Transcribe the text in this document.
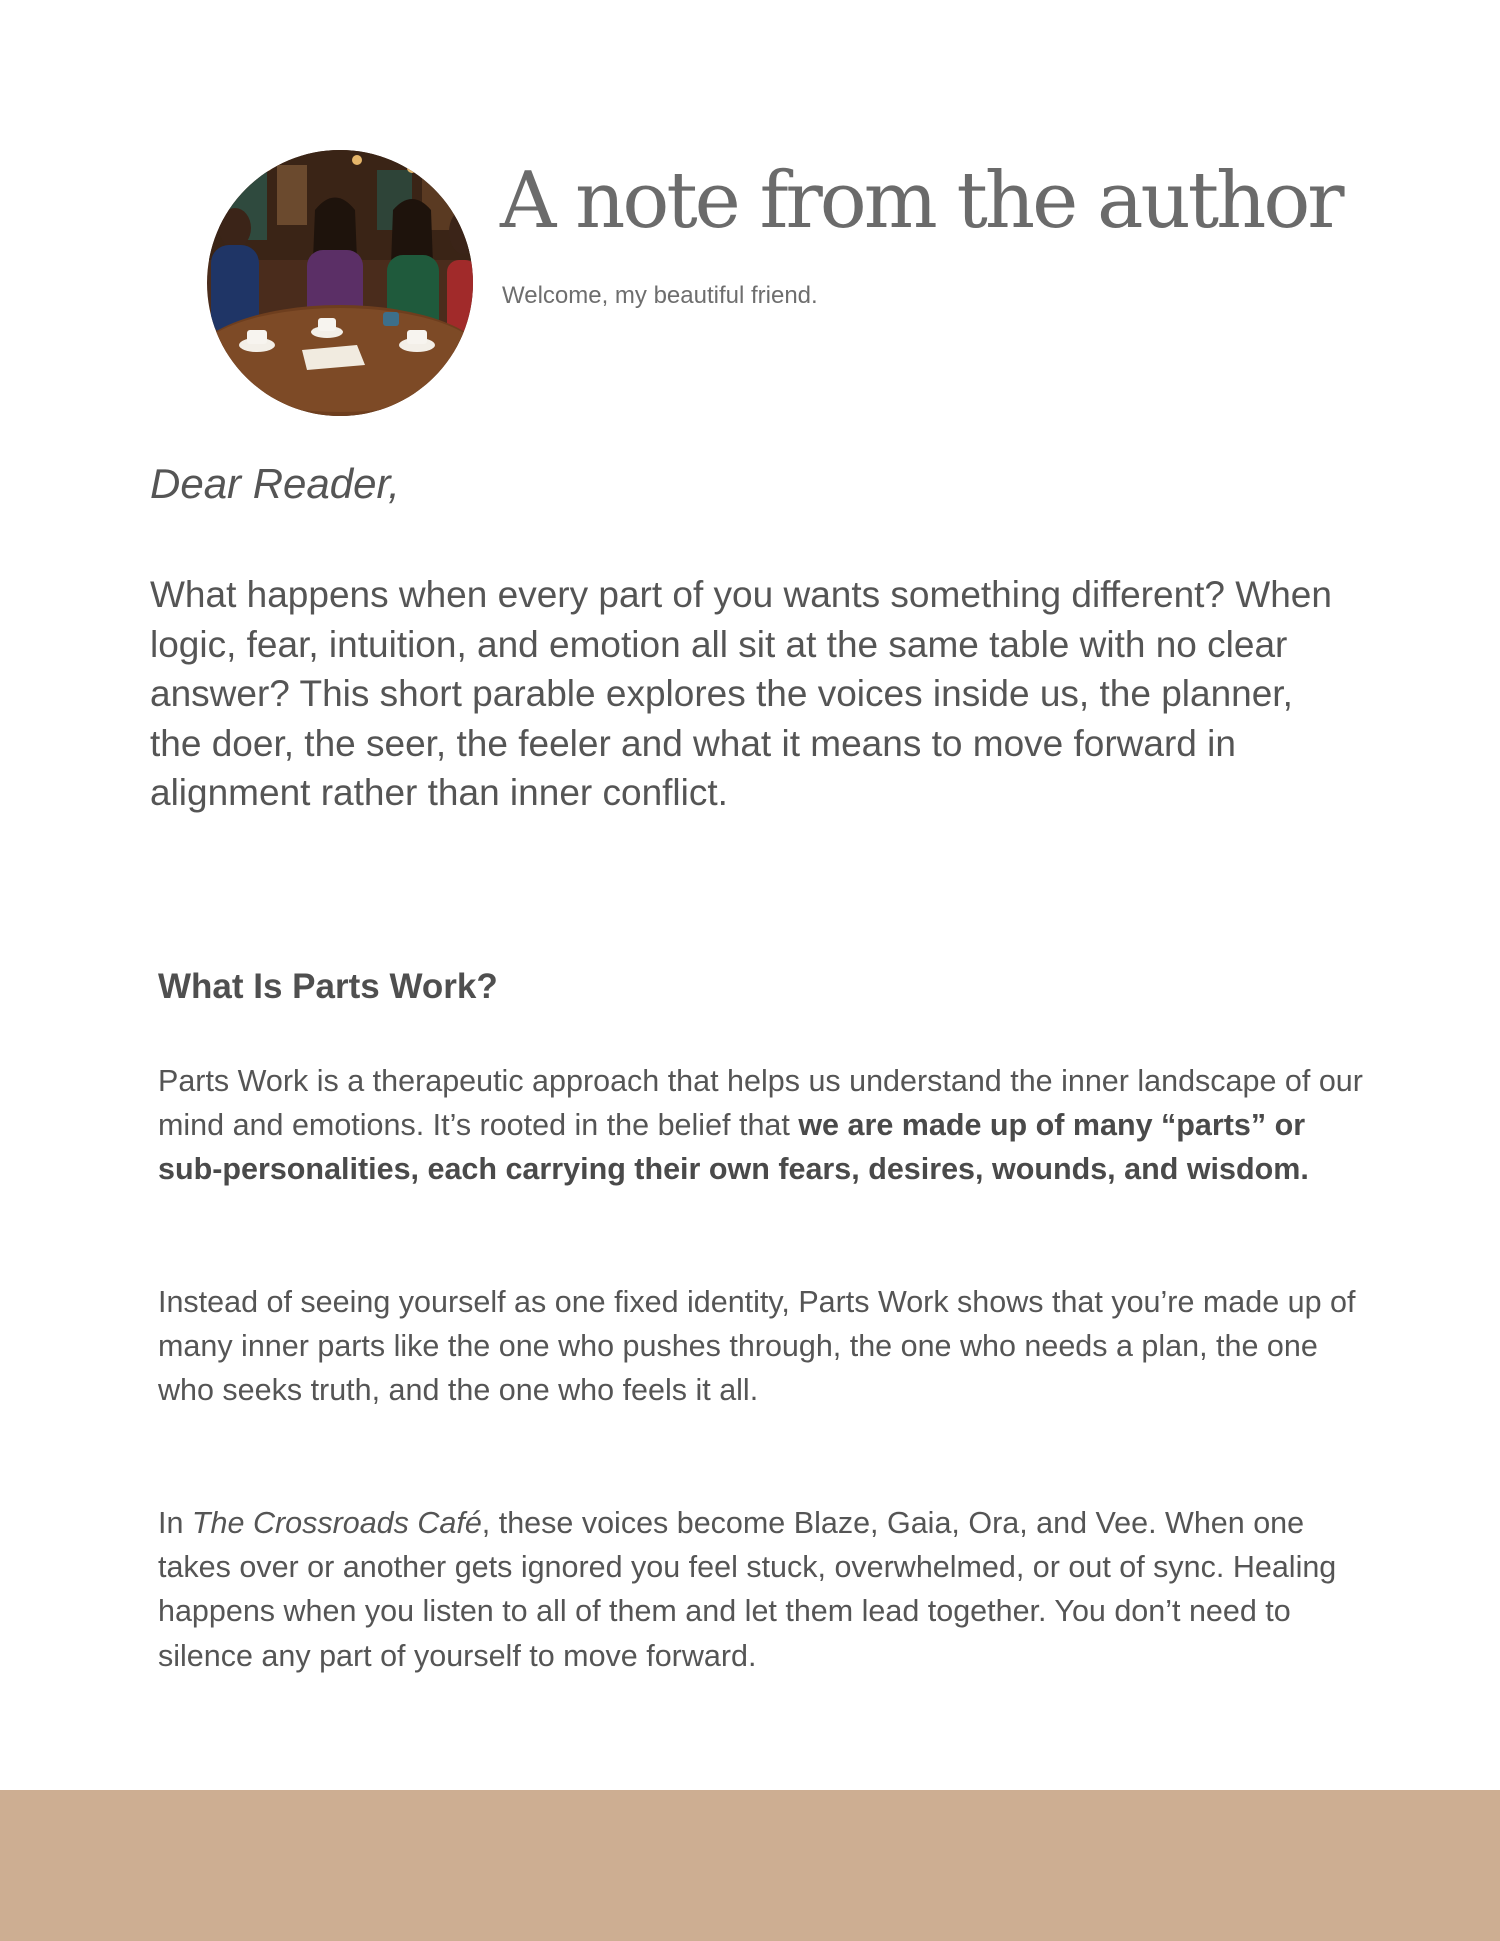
A note from the author

Welcome, my beautiful friend.

Dear Reader,

What happens when every part of you wants something different? When logic, fear, intuition, and emotion all sit at the same table with no clear answer? This short parable explores the voices inside us, the planner, the doer, the seer, the feeler and what it means to move forward in alignment rather than inner conflict.

What Is Parts Work?

Parts Work is a therapeutic approach that helps us understand the inner landscape of our mind and emotions. It’s rooted in the belief that we are made up of many “parts” or sub-personalities, each carrying their own fears, desires, wounds, and wisdom.

Instead of seeing yourself as one fixed identity, Parts Work shows that you’re made up of many inner parts like the one who pushes through, the one who needs a plan, the one who seeks truth, and the one who feels it all.

In The Crossroads Café, these voices become Blaze, Gaia, Ora, and Vee. When one takes over or another gets ignored you feel stuck, overwhelmed, or out of sync. Healing happens when you listen to all of them and let them lead together. You don’t need to silence any part of yourself to move forward.
